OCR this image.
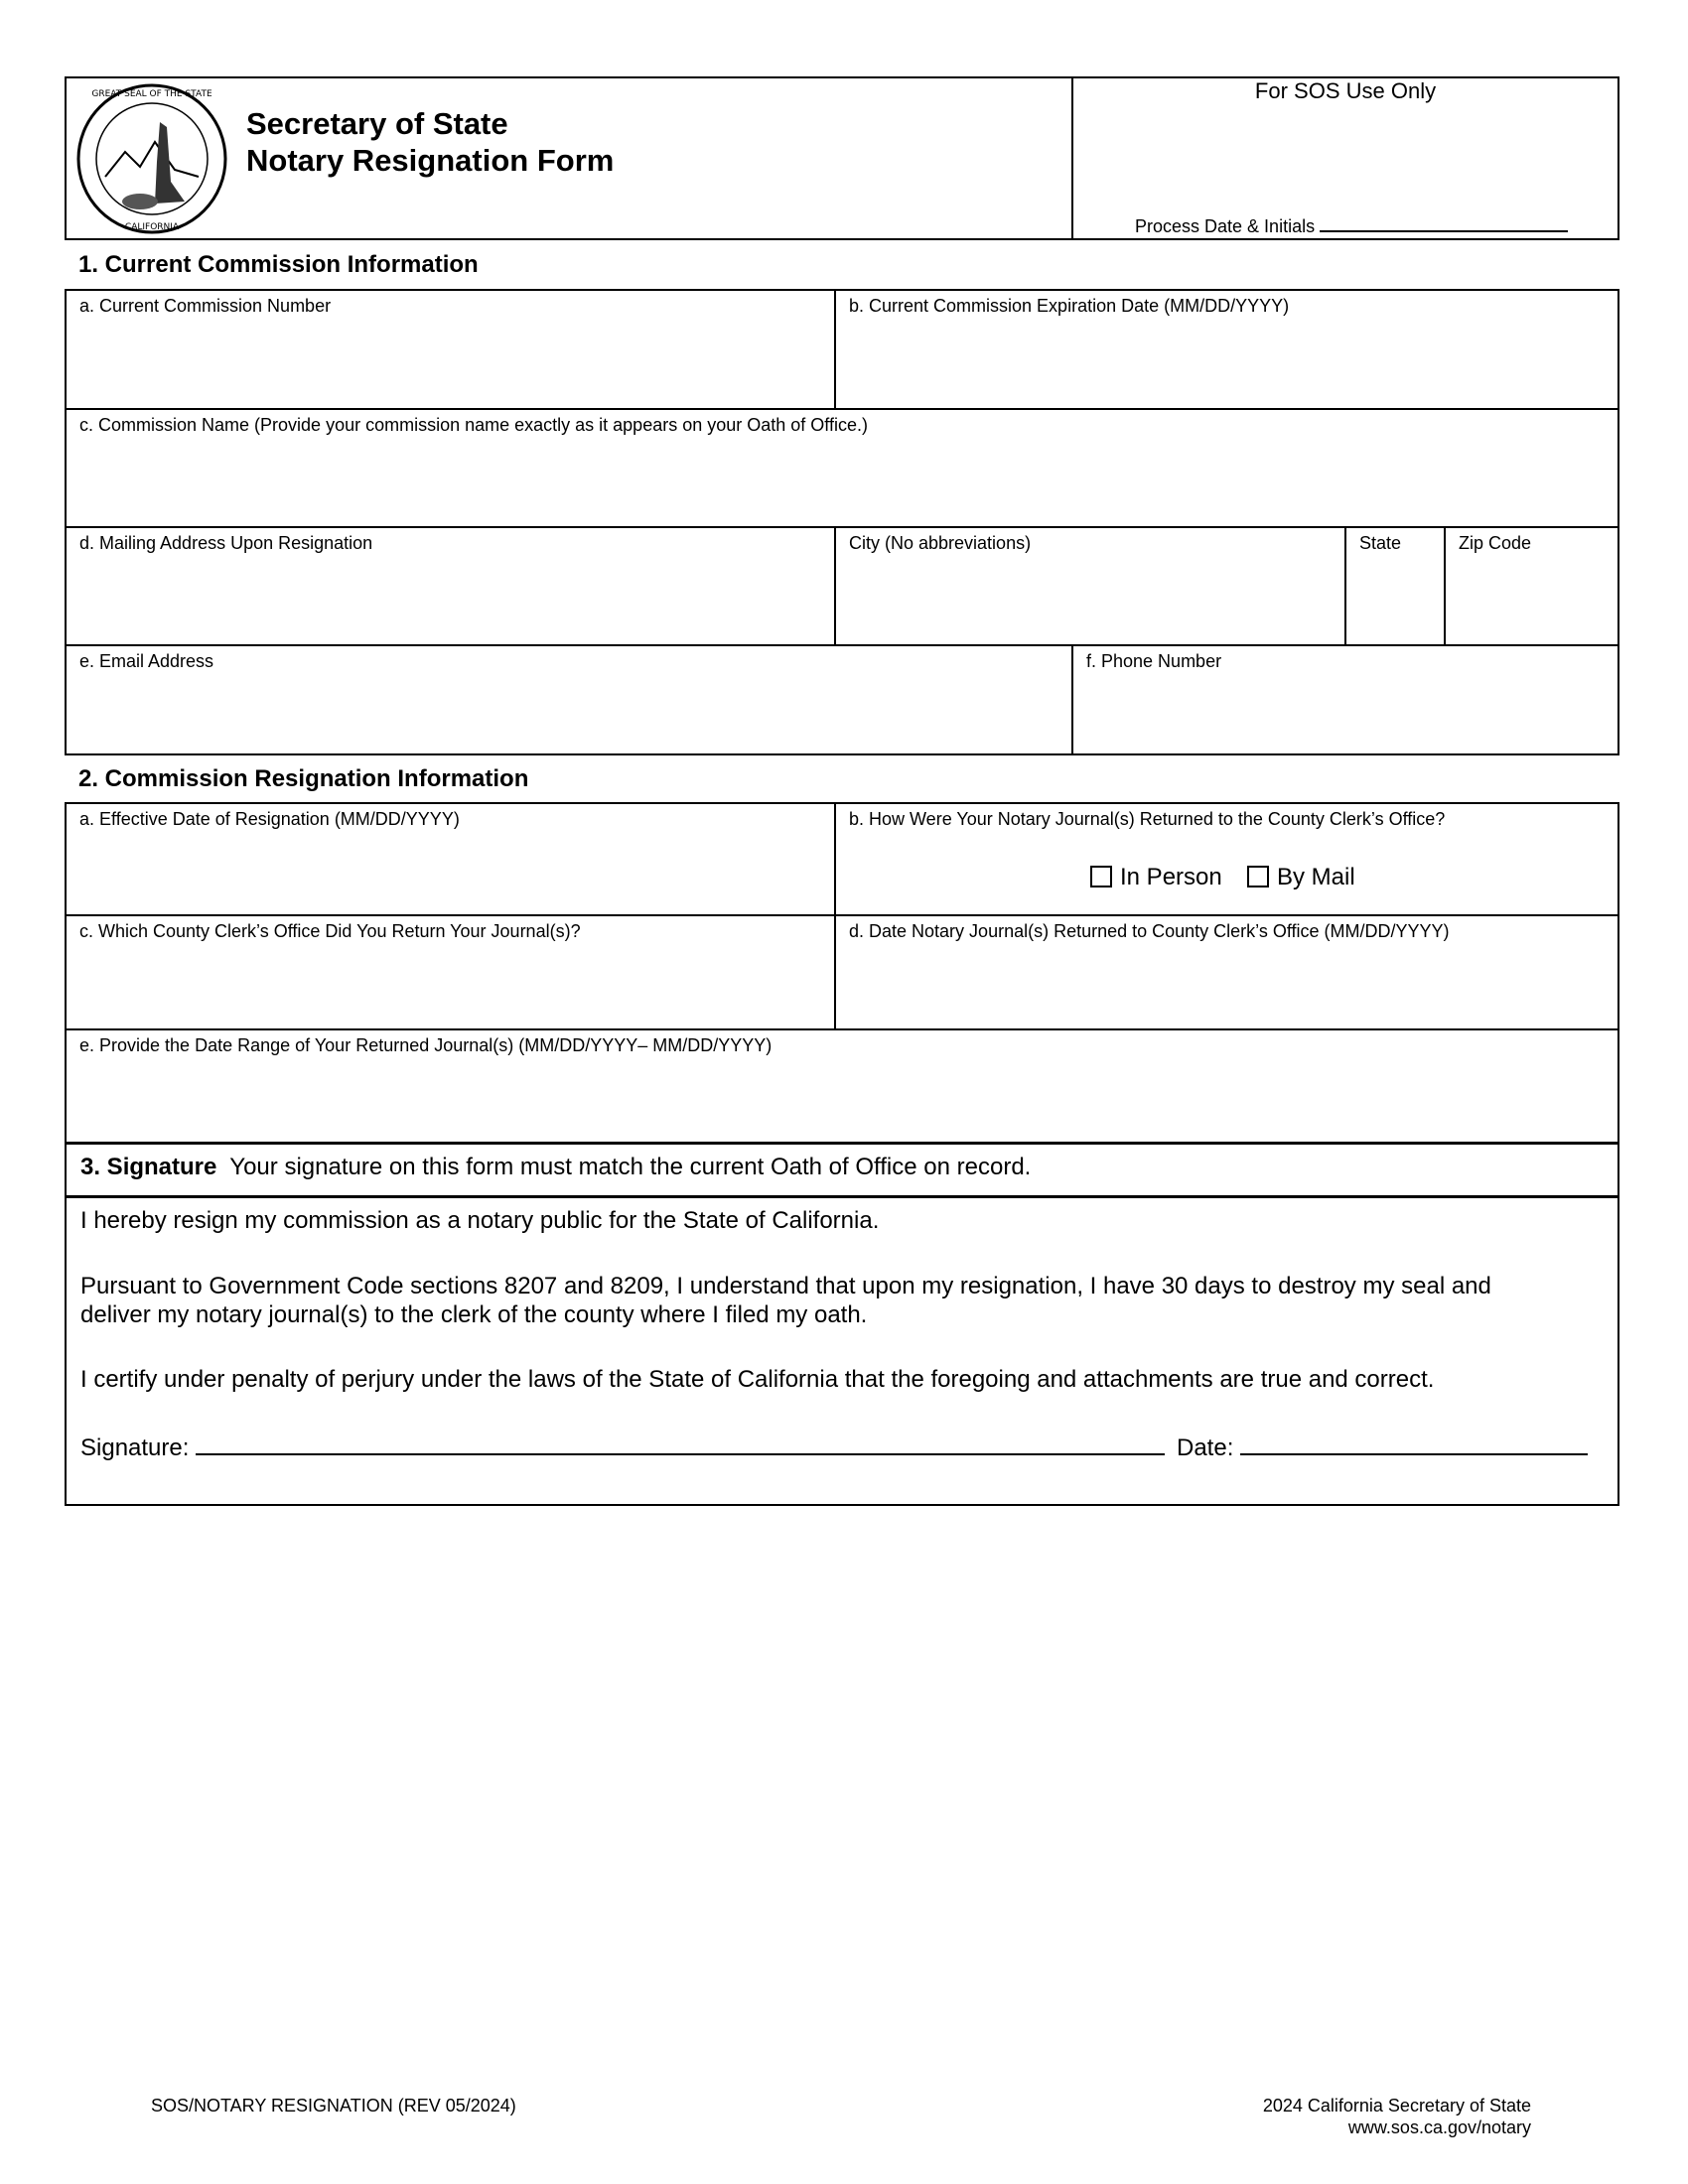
GREAT SEAL OF THE STATE
CALIFORNIA
Secretary of State
Notary Resignation Form
For SOS Use Only
Process Date & Initials
1. Current Commission Information
a. Current Commission Number	b. Current Commission Expiration Date (MM/DD/YYYY)
c. Commission Name (Provide your commission name exactly as it appears on your Oath of Office.)
d. Mailing Address Upon Resignation	City (No abbreviations)	State	Zip Code
e. Email Address	f. Phone Number
2. Commission Resignation Information
a. Effective Date of Resignation (MM/DD/YYYY)	b. How Were Your Notary Journal(s) Returned to the County Clerk’s Office?
In Person	By Mail
c. Which County Clerk’s Office Did You Return Your Journal(s)?	d. Date Notary Journal(s) Returned to County Clerk’s Office (MM/DD/YYYY)
e. Provide the Date Range of Your Returned Journal(s) (MM/DD/YYYY– MM/DD/YYYY)
3. Signature Your signature on this form must match the current Oath of Office on record.
I hereby resign my commission as a notary public for the State of California.
Pursuant to Government Code sections 8207 and 8209, I understand that upon my resignation, I have 30 days to destroy my seal and
deliver my notary journal(s) to the clerk of the county where I filed my oath.
I certify under penalty of perjury under the laws of the State of California that the foregoing and attachments are true and correct.
Signature:	Date:
SOS/NOTARY RESIGNATION (REV 05/2024)	2024 California Secretary of State
www.sos.ca.gov/notary
